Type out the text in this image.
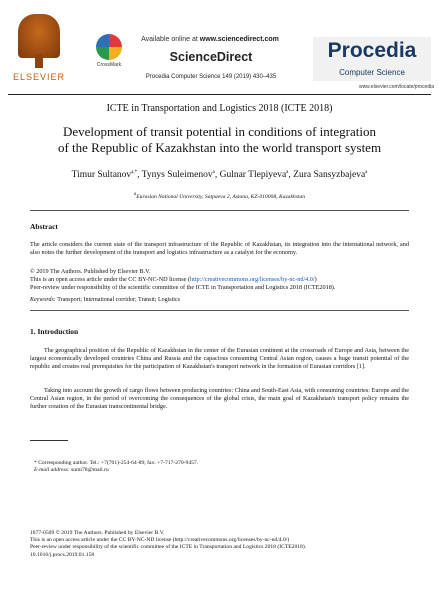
ELSEVIER
CrossMark
Available online at www.sciencedirect.com
ScienceDirect
Procedia Computer Science 149 (2019) 430–435
Procedia
Computer Science
www.elsevier.com/locate/procedia
ICTE in Transportation and Logistics 2018 (ICTE 2018)
Development of transit potential in conditions of integration
of the Republic of Kazakhstan into the world transport system
Timur Sultanov$^{a,*}$, Tynys Suleimenov$^a$, Gulnar Tlepiyeva$^a$, Zura Sansyzbajeva$^a$
$^a$Eurasian National University, Satpaeva 2, Astana, KZ-010008, Kazakhstan
Abstract
The article considers the current state of the transport infrastructure of the Republic of Kazakhstan, its integration into the international network, and also notes the further development of the transport and logistics infrastructure as a catalyst for the economy.
© 2019 The Authors. Published by Elsevier B.V.
This is an open access article under the CC BY-NC-ND license (http://creativecommons.org/licenses/by-nc-nd/4.0/)
Peer-review under responsibility of the scientific committee of the ICTE in Transportation and Logistics 2018 (ICTE2018).
Keywords: Transport; International corridor; Transit; Logistics
1. Introduction
The geographical position of the Republic of Kazakhstan in the center of the Eurasian continent at the crossroads of Europe and Asia, between the largest economically developed countries China and Russia and the capacious consuming Central Asian region, causes a huge transit potential of the republic and creates real prerequisites for the participation of Kazakhstan's transport network in the formation of Eurasian corridors [1].
Taking into account the growth of cargo flows between producing countries: China and South-East Asia, with consuming countries: Europe and the Central Asian region, in the period of overcoming the consequences of the global crisis, the main goal of Kazakhstan's transport policy remains the further creation of the Eurasian transcontinental bridge.
* Corresponding author. Tel.: +7(701)-254-64-89; fax: +7-717-270-9457.
E-mail address: sumi78@mail.ru
1877-0509 © 2019 The Authors. Published by Elsevier B.V.
This is an open access article under the CC BY-NC-ND license (http://creativecommons.org/licenses/by-nc-nd/4.0/)
Peer-review under responsibility of the scientific committee of the ICTE in Transportation and Logistics 2018 (ICTE2018).
10.1016/j.procs.2019.01.158
